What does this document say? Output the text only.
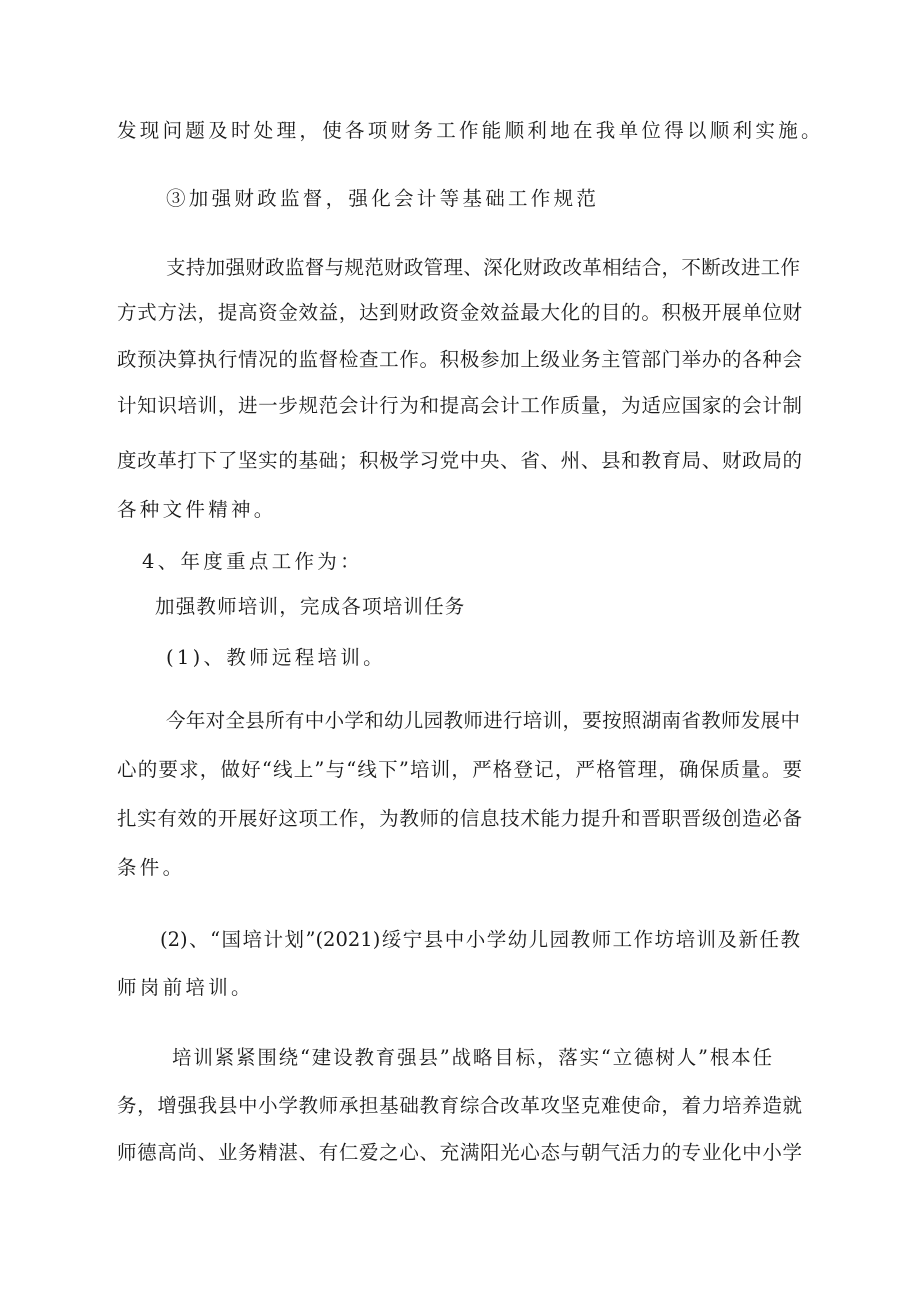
发现问题及时处理，使各项财务工作能顺利地在我单位得以顺利实施。
③加强财政监督，强化会计等基础工作规范
支持加强财政监督与规范财政管理、深化财政改革相结合，不断改进工作
方式方法，提高资金效益，达到财政资金效益最大化的目的。积极开展单位财
政预决算执行情况的监督检查工作。积极参加上级业务主管部门举办的各种会
计知识培训，进一步规范会计行为和提高会计工作质量，为适应国家的会计制
度改革打下了坚实的基础；积极学习党中央、省、州、县和教育局、财政局的
各种文件精神。
4、年度重点工作为：
加强教师培训，完成各项培训任务
(1)、教师远程培训。
今年对全县所有中小学和幼儿园教师进行培训，要按照湖南省教师发展中
心的要求，做好“线上”与“线下”培训，严格登记，严格管理，确保质量。要
扎实有效的开展好这项工作，为教师的信息技术能力提升和晋职晋级创造必备
条件。
(2)、“国培计划”(2021)绥宁县中小学幼儿园教师工作坊培训及新任教
师岗前培训。
培训紧紧围绕“建设教育强县”战略目标，落实“立德树人”根本任
务，增强我县中小学教师承担基础教育综合改革攻坚克难使命，着力培养造就
师德高尚、业务精湛、有仁爱之心、充满阳光心态与朝气活力的专业化中小学
